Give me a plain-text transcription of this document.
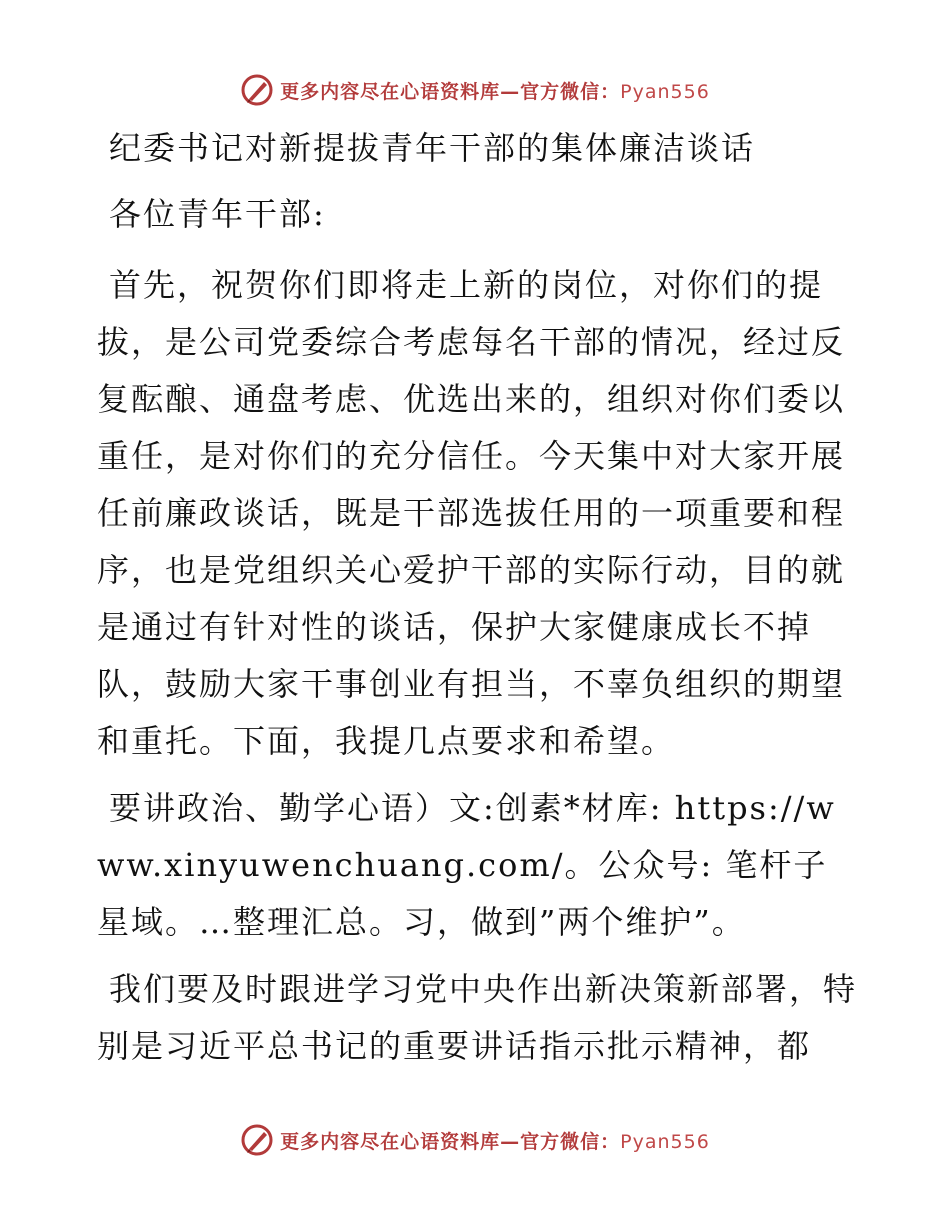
更多内容尽在心语资料库—官方微信：Pyan556
纪委书记对新提拔青年干部的集体廉洁谈话
各位青年干部:
首先，祝贺你们即将走上新的岗位，对你们的提拔，是公司党委综合考虑每名干部的情况，经过反复酝酿、通盘考虑、优选出来的，组织对你们委以重任，是对你们的充分信任。今天集中对大家开展任前廉政谈话，既是干部选拔任用的一项重要和程序，也是党组织关心爱护干部的实际行动，目的就是通过有针对性的谈话，保护大家健康成长不掉队，鼓励大家干事创业有担当，不辜负组织的期望和重托。下面，我提几点要求和希望。
要讲政治、勤学心语）文:创素*材库: https://www.xinyuwenchuang.com/。公众号: 笔杆子星域。…整理汇总。习，做到”两个维护”。
我们要及时跟进学习党中央作出新决策新部署，特别是习近平总书记的重要讲话指示批示精神，都
更多内容尽在心语资料库—官方微信：Pyan556
